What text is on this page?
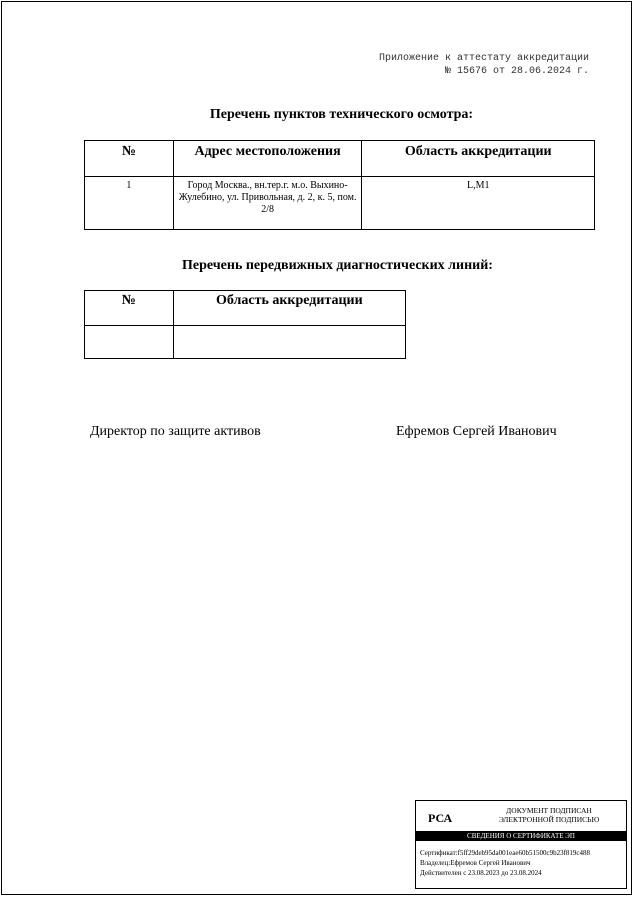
Приложение к аттестату аккредитации
№ 15676 от 28.06.2024 г.
Перечень пунктов технического осмотра:
№	Адрес местоположения	Область аккредитации
1	Город Москва., вн.тер.г. м.о. Выхино-Жулебино, ул. Привольная, д. 2, к. 5, пом. 2/8	L,M1
Перечень передвижных диагностических линий:
№	Область аккредитации

Директор по защите активов	Ефремов Сергей Иванович
РСА
ДОКУМЕНТ ПОДПИСАН
ЭЛЕКТРОННОЙ ПОДПИСЬЮ
СВЕДЕНИЯ О СЕРТИФИКАТЕ ЭП
Сертификат:f5ff29deb95da001eae60b51500c9b23f819c488
Владелец:Ефремов Сергей Иванович
Действителен с 23.08.2023 до 23.08.2024
